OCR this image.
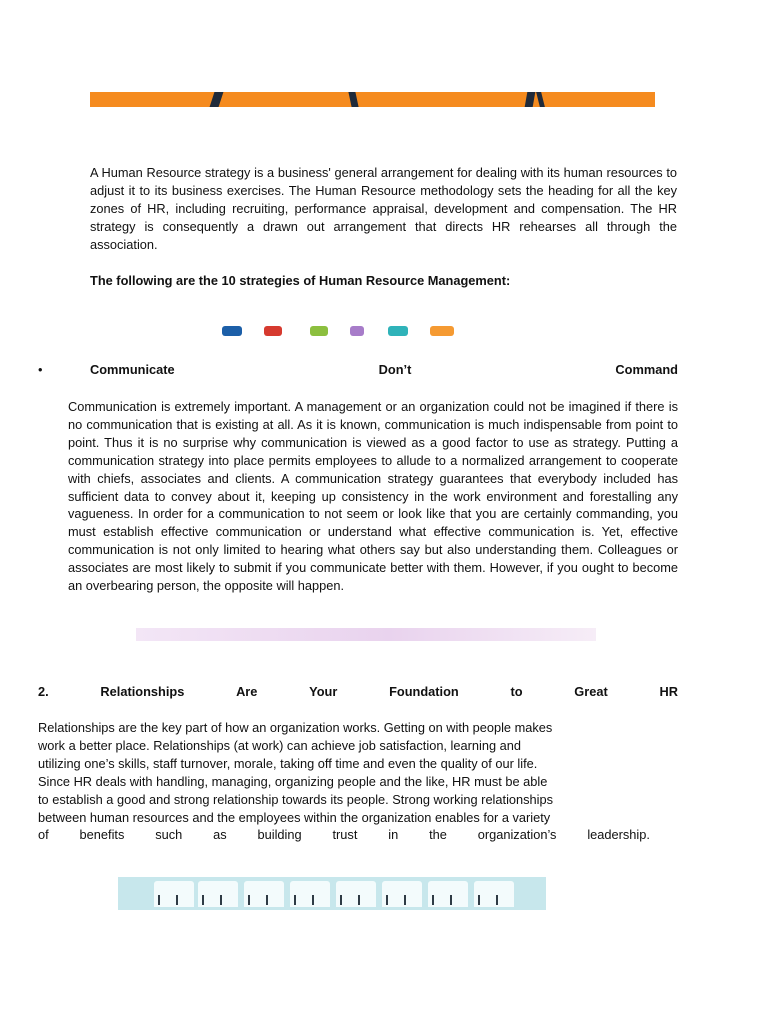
A Human Resource strategy is a business' general arrangement for dealing with its human resources to adjust it to its business exercises. The Human Resource methodology sets the heading for all the key zones of HR, including recruiting, performance appraisal, development and compensation. The HR strategy is consequently a drawn out arrangement that directs HR rehearses all through the association.
The following are the 10 strategies of Human Resource Management:
•	Communicate	Don’t	Command
Communication is extremely important. A management or an organization could not be imagined if there is no communication that is existing at all. As it is known, communication is much indispensable from point to point. Thus it is no surprise why communication is viewed as a good factor to use as strategy. Putting a communication strategy into place permits employees to allude to a normalized arrangement to cooperate with chiefs, associates and clients. A communication strategy guarantees that everybody included has sufficient data to convey about it, keeping up consistency in the work environment and forestalling any vagueness. In order for a communication to not seem or look like that you are certainly commanding, you must establish effective communication or understand what effective communication is. Yet, effective communication is not only limited to hearing what others say but also understanding them. Colleagues or associates are most likely to submit if you communicate better with them. However, if you ought to become an overbearing person, the opposite will happen.
2.	Relationships	Are	Your	Foundation	to	Great	HR
Relationships are the key part of how an organization works. Getting on with people makes
work a better place. Relationships (at work) can achieve job satisfaction, learning and
utilizing one’s skills, staff turnover, morale, taking off time and even the quality of our life.
Since HR deals with handling, managing, organizing people and the like, HR must be able
to establish a good and strong relationship towards its people. Strong working relationships
between human resources and the employees within the organization enables for a variety
of benefits such as building trust in the organization’s leadership.
